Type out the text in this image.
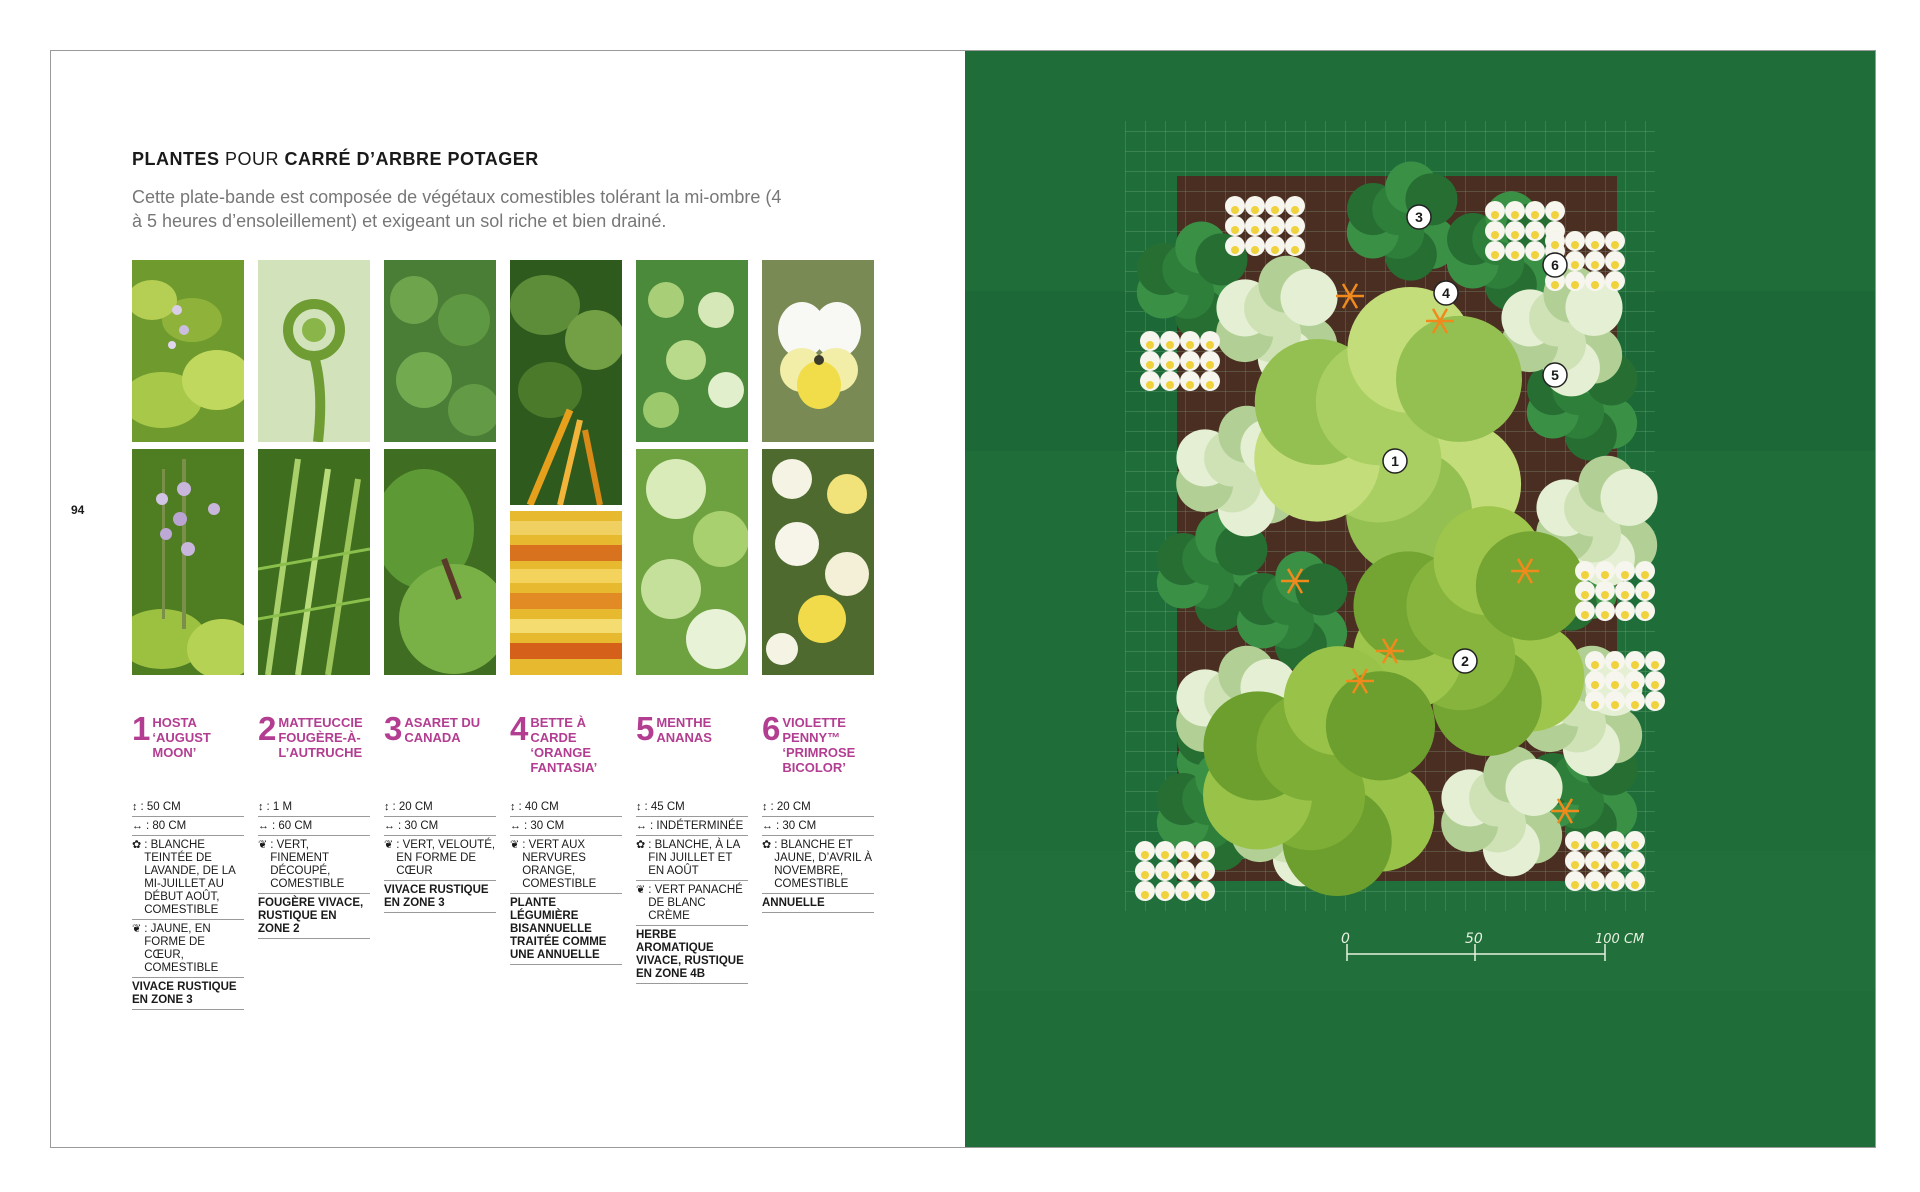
PLANTES POUR CARRÉ D’ARBRE POTAGER
Cette plate-bande est composée de végétaux comestibles tolérant la mi-ombre (4 à 5 heures d’ensoleillement) et exigeant un sol riche et bien drainé.
94
1 HOSTA ‘AUGUST MOON’
↕ : 50 CM
↔ : 80 CM
✿ : BLANCHE TEINTÉE DE LAVANDE, DE LA MI-JUILLET AU DÉBUT AOÛT, COMESTIBLE
❦ : JAUNE, EN FORME DE CŒUR, COMESTIBLE
VIVACE RUSTIQUE EN ZONE 3
2 MATTEUCCIE FOUGÈRE-À-L’AUTRUCHE
↕ : 1 M
↔ : 60 CM
❦ : VERT, FINEMENT DÉCOUPÉ, COMESTIBLE
FOUGÈRE VIVACE, RUSTIQUE EN ZONE 2
3 ASARET DU CANADA
↕ : 20 CM
↔ : 30 CM
❦ : VERT, VELOUTÉ, EN FORME DE CŒUR
VIVACE RUSTIQUE EN ZONE 3
4 BETTE À CARDE ‘ORANGE FANTASIA’
↕ : 40 CM
↔ : 30 CM
❦ : VERT AUX NERVURES ORANGE, COMESTIBLE
PLANTE LÉGUMIÈRE BISANNUELLE TRAITÉE COMME UNE ANNUELLE
5 MENTHE ANANAS
↕ : 45 CM
↔ : INDÉTERMINÉE
✿ : BLANCHE, À LA FIN JUILLET ET EN AOÛT
❦ : VERT PANACHÉ DE BLANC CRÈME
HERBE AROMATIQUE VIVACE, RUSTIQUE EN ZONE 4B
6 VIOLETTE PENNY™ ‘PRIMROSE BICOLOR’
↕ : 20 CM
↔ : 30 CM
✿ : BLANCHE ET JAUNE, D’AVRIL À NOVEMBRE, COMESTIBLE
ANNUELLE
1
2
3
4
5
6
0	50	100 CM
